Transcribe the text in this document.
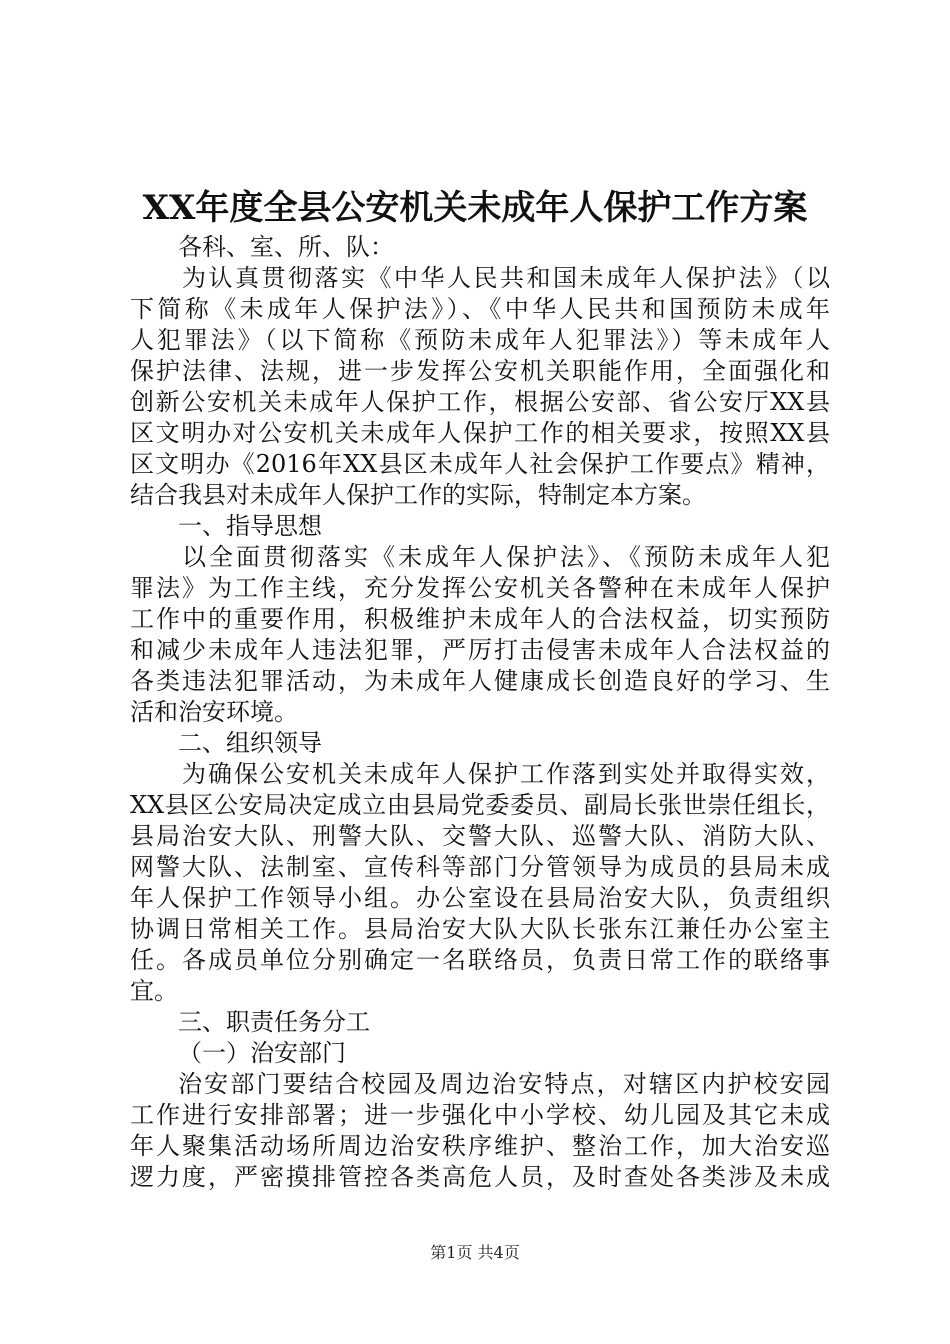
XX年度全县公安机关未成年人保护工作方案
各科、室、所、队：
为认真贯彻落实《中华人民共和国未成年人保护法》（以
下简称《未成年人保护法》）、《中华人民共和国预防未成年
人犯罪法》（以下简称《预防未成年人犯罪法》）等未成年人
保护法律、法规，进一步发挥公安机关职能作用，全面强化和
创新公安机关未成年人保护工作，根据公安部、省公安厅XX县
区文明办对公安机关未成年人保护工作的相关要求，按照XX县
区文明办《2016年XX县区未成年人社会保护工作要点》精神，
结合我县对未成年人保护工作的实际，特制定本方案。
一、指导思想
以全面贯彻落实《未成年人保护法》、《预防未成年人犯
罪法》为工作主线，充分发挥公安机关各警种在未成年人保护
工作中的重要作用，积极维护未成年人的合法权益，切实预防
和减少未成年人违法犯罪，严厉打击侵害未成年人合法权益的
各类违法犯罪活动，为未成年人健康成长创造良好的学习、生
活和治安环境。
二、组织领导
为确保公安机关未成年人保护工作落到实处并取得实效，
XX县区公安局决定成立由县局党委委员、副局长张世崇任组长，
县局治安大队、刑警大队、交警大队、巡警大队、消防大队、
网警大队、法制室、宣传科等部门分管领导为成员的县局未成
年人保护工作领导小组。办公室设在县局治安大队，负责组织
协调日常相关工作。县局治安大队大队长张东江兼任办公室主
任。各成员单位分别确定一名联络员，负责日常工作的联络事
宜。
三、职责任务分工
（一）治安部门
治安部门要结合校园及周边治安特点，对辖区内护校安园
工作进行安排部署；进一步强化中小学校、幼儿园及其它未成
年人聚集活动场所周边治安秩序维护、整治工作，加大治安巡
逻力度，严密摸排管控各类高危人员，及时查处各类涉及未成
第1页 共4页
